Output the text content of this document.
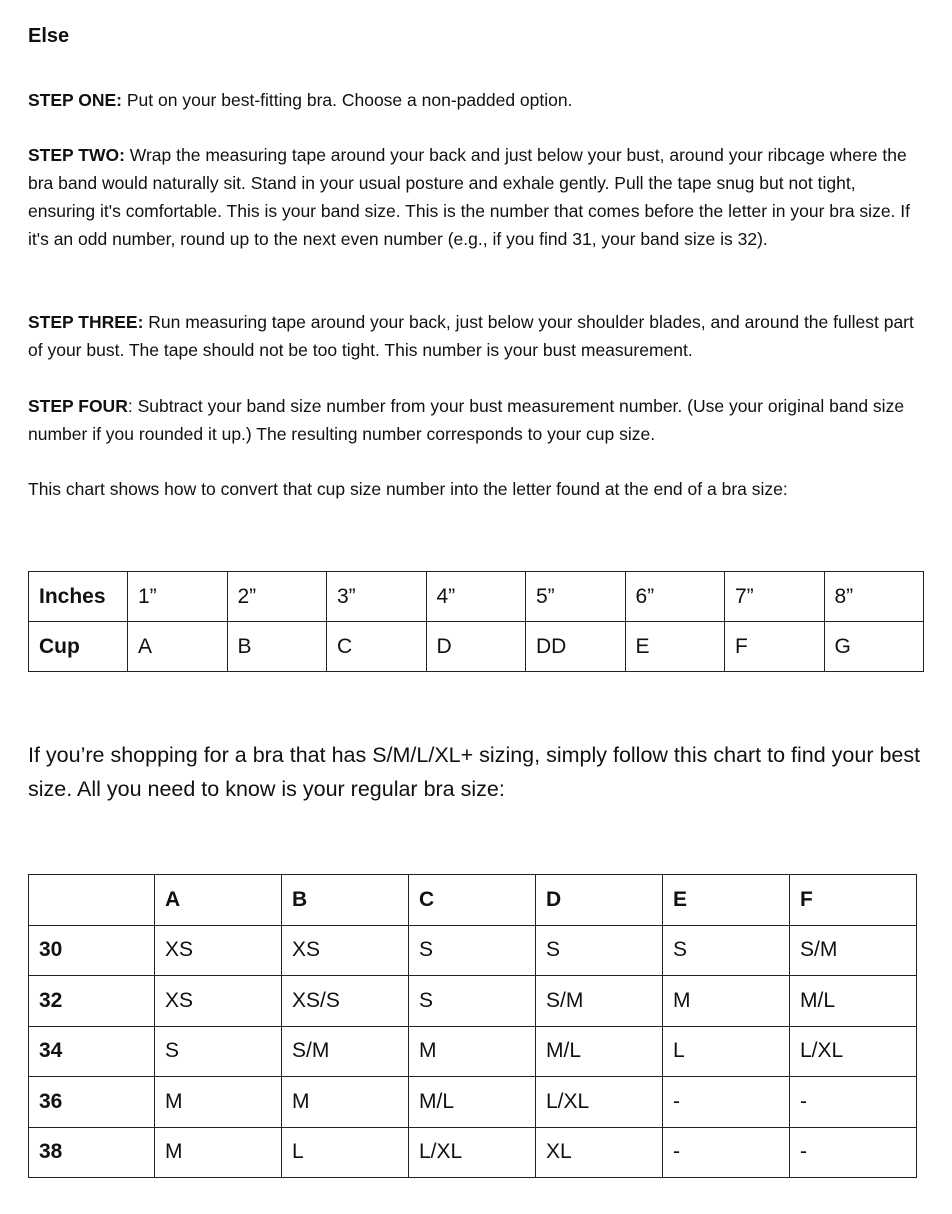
Else

STEP ONE: Put on your best-fitting bra. Choose a non-padded option.

STEP TWO: Wrap the measuring tape around your back and just below your bust, around your ribcage where the bra band would naturally sit. Stand in your usual posture and exhale gently. Pull the tape snug but not tight, ensuring it's comfortable. This is your band size. This is the number that comes before the letter in your bra size. If it's an odd number, round up to the next even number (e.g., if you find 31, your band size is 32).

STEP THREE: Run measuring tape around your back, just below your shoulder blades, and around the fullest part of your bust. The tape should not be too tight. This number is your bust measurement.

STEP FOUR: Subtract your band size number from your bust measurement number. (Use your original band size number if you rounded it up.) The resulting number corresponds to your cup size.

This chart shows how to convert that cup size number into the letter found at the end of a bra size:

Inches	1”	2”	3”	4”	5”	6”	7”	8”
Cup	A	B	C	D	DD	E	F	G

If you’re shopping for a bra that has S/M/L/XL+ sizing, simply follow this chart to find your best size. All you need to know is your regular bra size:

	A	B	C	D	E	F
30	XS	XS	S	S	S	S/M
32	XS	XS/S	S	S/M	M	M/L
34	S	S/M	M	M/L	L	L/XL
36	M	M	M/L	L/XL	-	-
38	M	L	L/XL	XL	-	-
